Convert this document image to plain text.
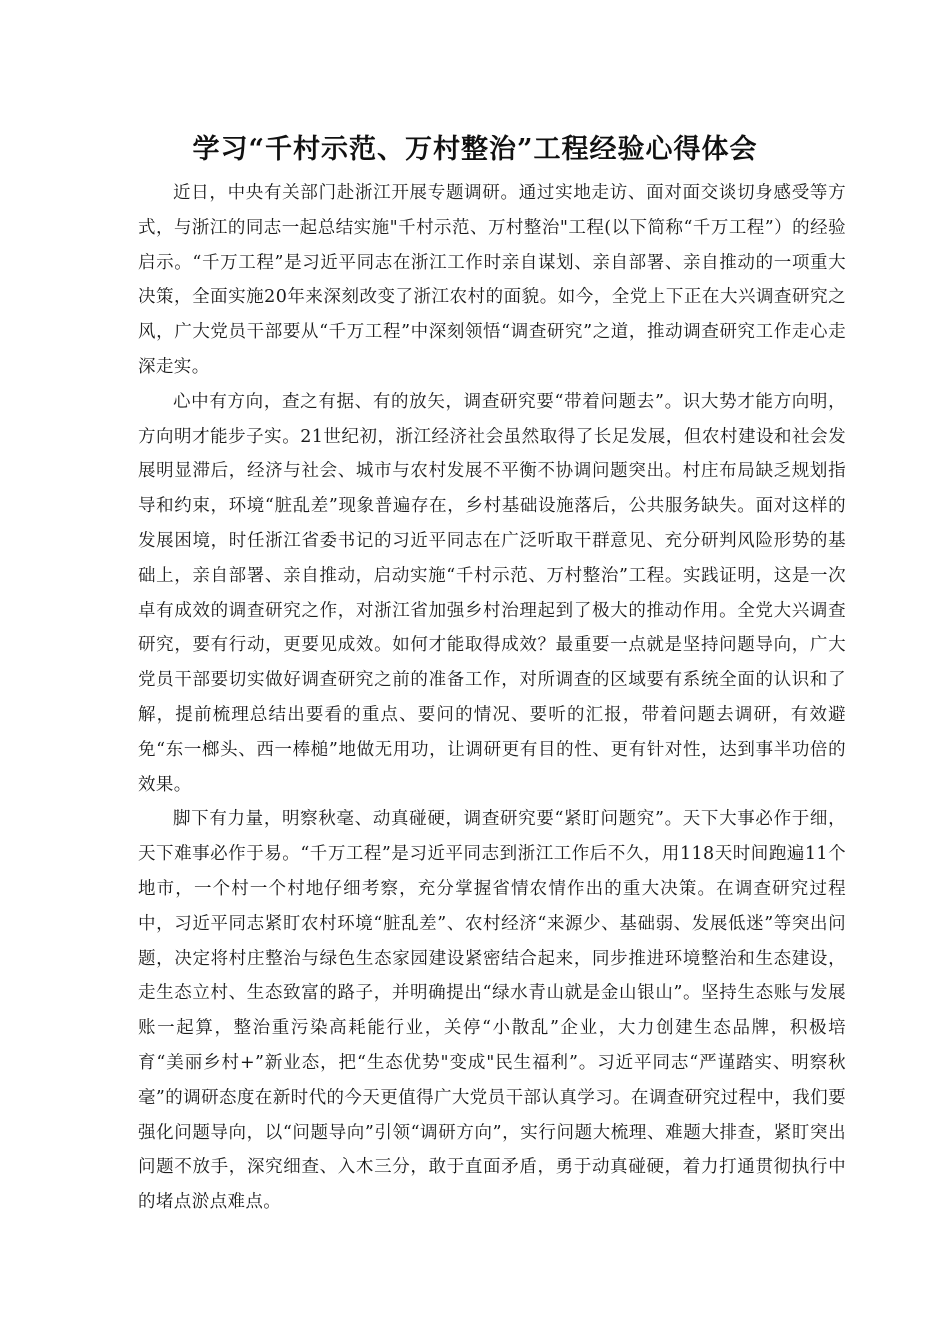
学习“千村示范、万村整治”工程经验心得体会

近日，中央有关部门赴浙江开展专题调研。通过实地走访、面对面交谈切身感受等方式，与浙江的同志一起总结实施"千村示范、万村整治"工程(以下简称“千万工程”）的经验启示。“千万工程”是习近平同志在浙江工作时亲自谋划、亲自部署、亲自推动的一项重大决策，全面实施20年来深刻改变了浙江农村的面貌。如今，全党上下正在大兴调查研究之风，广大党员干部要从“千万工程”中深刻领悟“调查研究”之道，推动调查研究工作走心走深走实。

心中有方向，查之有据、有的放矢，调查研究要“带着问题去”。识大势才能方向明，方向明才能步子实。21世纪初，浙江经济社会虽然取得了长足发展，但农村建设和社会发展明显滞后，经济与社会、城市与农村发展不平衡不协调问题突出。村庄布局缺乏规划指导和约束，环境“脏乱差”现象普遍存在，乡村基础设施落后，公共服务缺失。面对这样的发展困境，时任浙江省委书记的习近平同志在广泛听取干群意见、充分研判风险形势的基础上，亲自部署、亲自推动，启动实施“千村示范、万村整治”工程。实践证明，这是一次卓有成效的调查研究之作，对浙江省加强乡村治理起到了极大的推动作用。全党大兴调查研究，要有行动，更要见成效。如何才能取得成效？最重要一点就是坚持问题导向，广大党员干部要切实做好调查研究之前的准备工作，对所调查的区域要有系统全面的认识和了解，提前梳理总结出要看的重点、要问的情况、要听的汇报，带着问题去调研，有效避免“东一榔头、西一棒槌”地做无用功，让调研更有目的性、更有针对性，达到事半功倍的效果。

脚下有力量，明察秋毫、动真碰硬，调查研究要“紧盯问题究”。天下大事必作于细，天下难事必作于易。“千万工程”是习近平同志到浙江工作后不久，用118天时间跑遍11个地市，一个村一个村地仔细考察，充分掌握省情农情作出的重大决策。在调查研究过程中，习近平同志紧盯农村环境“脏乱差”、农村经济“来源少、基础弱、发展低迷”等突出问题，决定将村庄整治与绿色生态家园建设紧密结合起来，同步推进环境整治和生态建设，走生态立村、生态致富的路子，并明确提出“绿水青山就是金山银山”。坚持生态账与发展账一起算，整治重污染高耗能行业，关停“小散乱”企业，大力创建生态品牌，积极培育“美丽乡村+”新业态，把“生态优势"变成"民生福利”。习近平同志“严谨踏实、明察秋毫”的调研态度在新时代的今天更值得广大党员干部认真学习。在调查研究过程中，我们要强化问题导向，以“问题导向”引领“调研方向”，实行问题大梳理、难题大排查，紧盯突出问题不放手，深究细查、入木三分，敢于直面矛盾，勇于动真碰硬，着力打通贯彻执行中的堵点淤点难点。
